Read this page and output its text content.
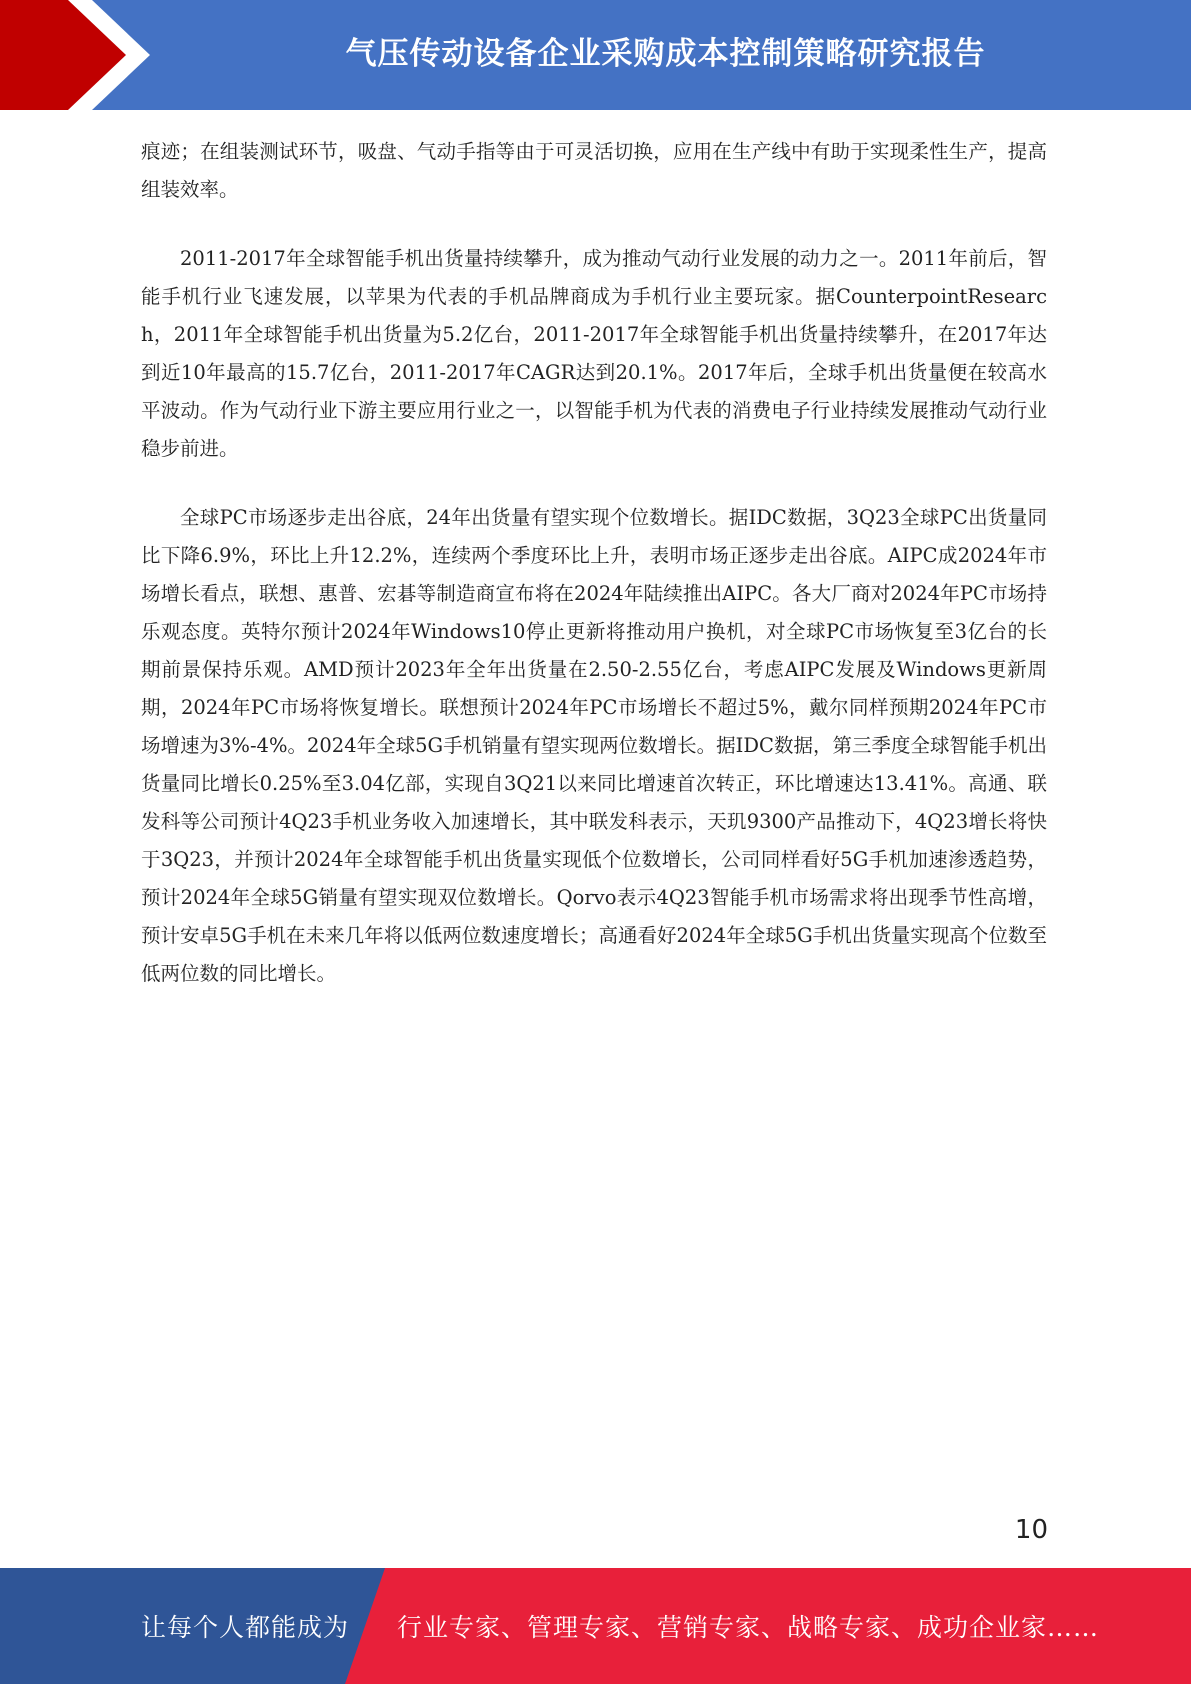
气压传动设备企业采购成本控制策略研究报告

痕迹；在组装测试环节，吸盘、气动手指等由于可灵活切换，应用在生产线中有助于实现柔性生产，提高组装效率。

2011-2017年全球智能手机出货量持续攀升，成为推动气动行业发展的动力之一。2011年前后，智能手机行业飞速发展，以苹果为代表的手机品牌商成为手机行业主要玩家。据CounterpointResearch，2011年全球智能手机出货量为5.2亿台，2011-2017年全球智能手机出货量持续攀升，在2017年达到近10年最高的15.7亿台，2011-2017年CAGR达到20.1%。2017年后，全球手机出货量便在较高水平波动。作为气动行业下游主要应用行业之一，以智能手机为代表的消费电子行业持续发展推动气动行业稳步前进。

全球PC市场逐步走出谷底，24年出货量有望实现个位数增长。据IDC数据，3Q23全球PC出货量同比下降6.9%，环比上升12.2%，连续两个季度环比上升，表明市场正逐步走出谷底。AIPC成2024年市场增长看点，联想、惠普、宏碁等制造商宣布将在2024年陆续推出AIPC。各大厂商对2024年PC市场持乐观态度。英特尔预计2024年Windows10停止更新将推动用户换机，对全球PC市场恢复至3亿台的长期前景保持乐观。AMD预计2023年全年出货量在2.50-2.55亿台，考虑AIPC发展及Windows更新周期，2024年PC市场将恢复增长。联想预计2024年PC市场增长不超过5%，戴尔同样预期2024年PC市场增速为3%-4%。2024年全球5G手机销量有望实现两位数增长。据IDC数据，第三季度全球智能手机出货量同比增长0.25%至3.04亿部，实现自3Q21以来同比增速首次转正，环比增速达13.41%。高通、联发科等公司预计4Q23手机业务收入加速增长，其中联发科表示，天玑9300产品推动下，4Q23增长将快于3Q23，并预计2024年全球智能手机出货量实现低个位数增长，公司同样看好5G手机加速渗透趋势，预计2024年全球5G销量有望实现双位数增长。Qorvo表示4Q23智能手机市场需求将出现季节性高增，预计安卓5G手机在未来几年将以低两位数速度增长；高通看好2024年全球5G手机出货量实现高个位数至低两位数的同比增长。

10
让每个人都能成为 行业专家、管理专家、营销专家、战略专家、成功企业家……
